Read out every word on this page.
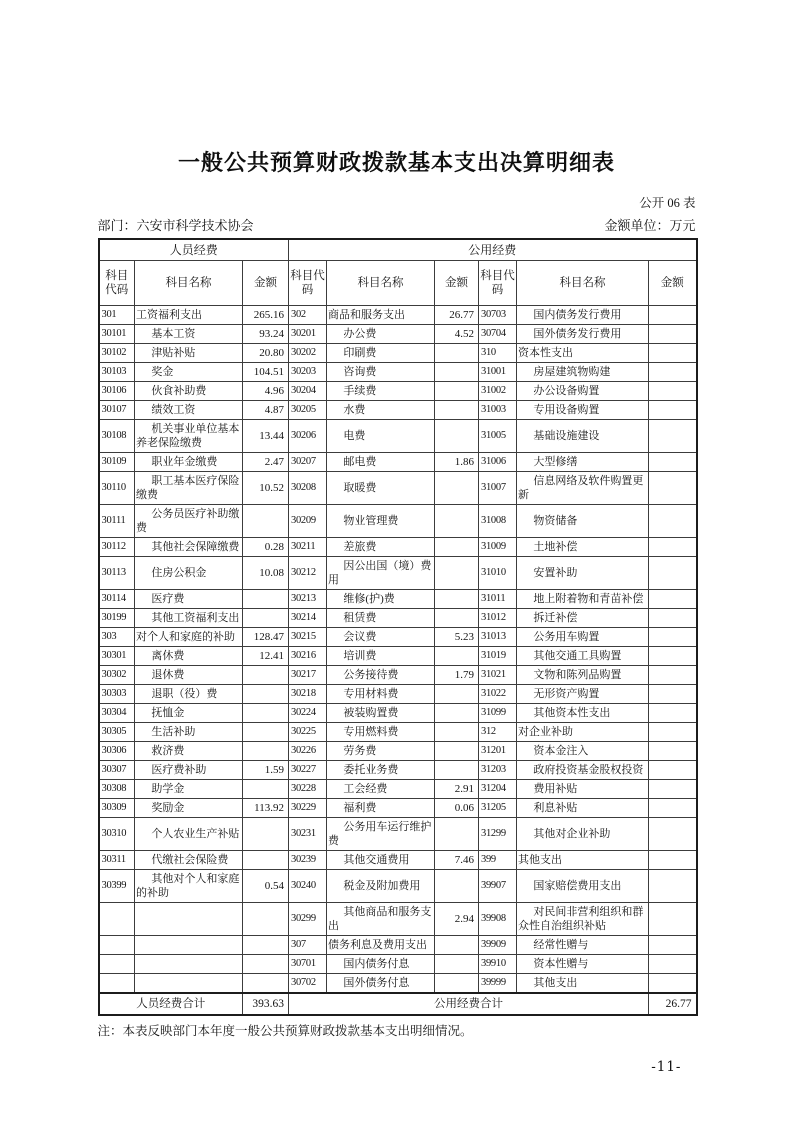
一般公共预算财政拨款基本支出决算明细表
公开 06 表
部门：六安市科学技术协会	金额单位：万元
人员经费			公用经费					
科目代码	科目名称	金额	科目代码	科目名称	金额	科目代码	科目名称	金额
301	工资福利支出	265.16	302	商品和服务支出	26.77	30703	国内债务发行费用	
30101	基本工资	93.24	30201	办公费	4.52	30704	国外债务发行费用	
30102	津贴补贴	20.80	30202	印刷费		310	资本性支出	
30103	奖金	104.51	30203	咨询费		31001	房屋建筑物购建	
30106	伙食补助费	4.96	30204	手续费		31002	办公设备购置	
30107	绩效工资	4.87	30205	水费		31003	专用设备购置	
30108	机关事业单位基本养老保险缴费	13.44	30206	电费		31005	基础设施建设	
30109	职业年金缴费	2.47	30207	邮电费	1.86	31006	大型修缮	
30110	职工基本医疗保险缴费	10.52	30208	取暖费		31007	信息网络及软件购置更新	
30111	公务员医疗补助缴费		30209	物业管理费		31008	物资储备	
30112	其他社会保障缴费	0.28	30211	差旅费		31009	土地补偿	
30113	住房公积金	10.08	30212	因公出国（境）费用		31010	安置补助	
30114	医疗费		30213	维修(护)费		31011	地上附着物和青苗补偿	
30199	其他工资福利支出		30214	租赁费		31012	拆迁补偿	
303	对个人和家庭的补助	128.47	30215	会议费	5.23	31013	公务用车购置	
30301	离休费	12.41	30216	培训费		31019	其他交通工具购置	
30302	退休费		30217	公务接待费	1.79	31021	文物和陈列品购置	
30303	退职（役）费		30218	专用材料费		31022	无形资产购置	
30304	抚恤金		30224	被装购置费		31099	其他资本性支出	
30305	生活补助		30225	专用燃料费		312	对企业补助	
30306	救济费		30226	劳务费		31201	资本金注入	
30307	医疗费补助	1.59	30227	委托业务费		31203	政府投资基金股权投资	
30308	助学金		30228	工会经费	2.91	31204	费用补贴	
30309	奖励金	113.92	30229	福利费	0.06	31205	利息补贴	
30310	个人农业生产补贴		30231	公务用车运行维护费		31299	其他对企业补助	
30311	代缴社会保险费		30239	其他交通费用	7.46	399	其他支出	
30399	其他对个人和家庭的补助	0.54	30240	税金及附加费用		39907	国家赔偿费用支出	
			30299	其他商品和服务支出	2.94	39908	对民间非营利组织和群众性自治组织补贴	
			307	债务利息及费用支出		39909	经常性赠与	
			30701	国内债务付息		39910	资本性赠与	
			30702	国外债务付息		39999	其他支出	
人员经费合计		393.63	公用经费合计					26.77
注：本表反映部门本年度一般公共预算财政拨款基本支出明细情况。
-11-
